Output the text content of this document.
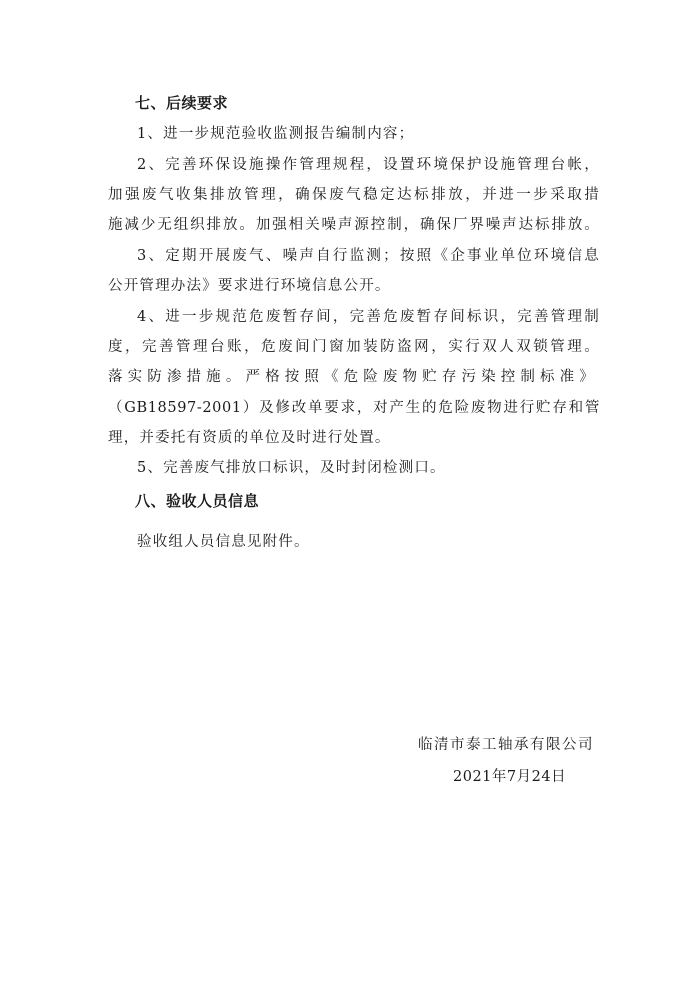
七、后续要求
1、进一步规范验收监测报告编制内容；
2、完善环保设施操作管理规程，设置环境保护设施管理台帐，
加强废气收集排放管理，确保废气稳定达标排放，并进一步采取措
施减少无组织排放。加强相关噪声源控制，确保厂界噪声达标排放。
3、定期开展废气、噪声自行监测；按照《企事业单位环境信息
公开管理办法》要求进行环境信息公开。
4、进一步规范危废暂存间，完善危废暂存间标识，完善管理制
度，完善管理台账，危废间门窗加装防盗网，实行双人双锁管理。
落实防渗措施。严格按照《危险废物贮存污染控制标准》
（GB18597-2001）及修改单要求，对产生的危险废物进行贮存和管
理，并委托有资质的单位及时进行处置。
5、完善废气排放口标识，及时封闭检测口。
八、验收人员信息
验收组人员信息见附件。
临清市泰工轴承有限公司
2021年7月24日
